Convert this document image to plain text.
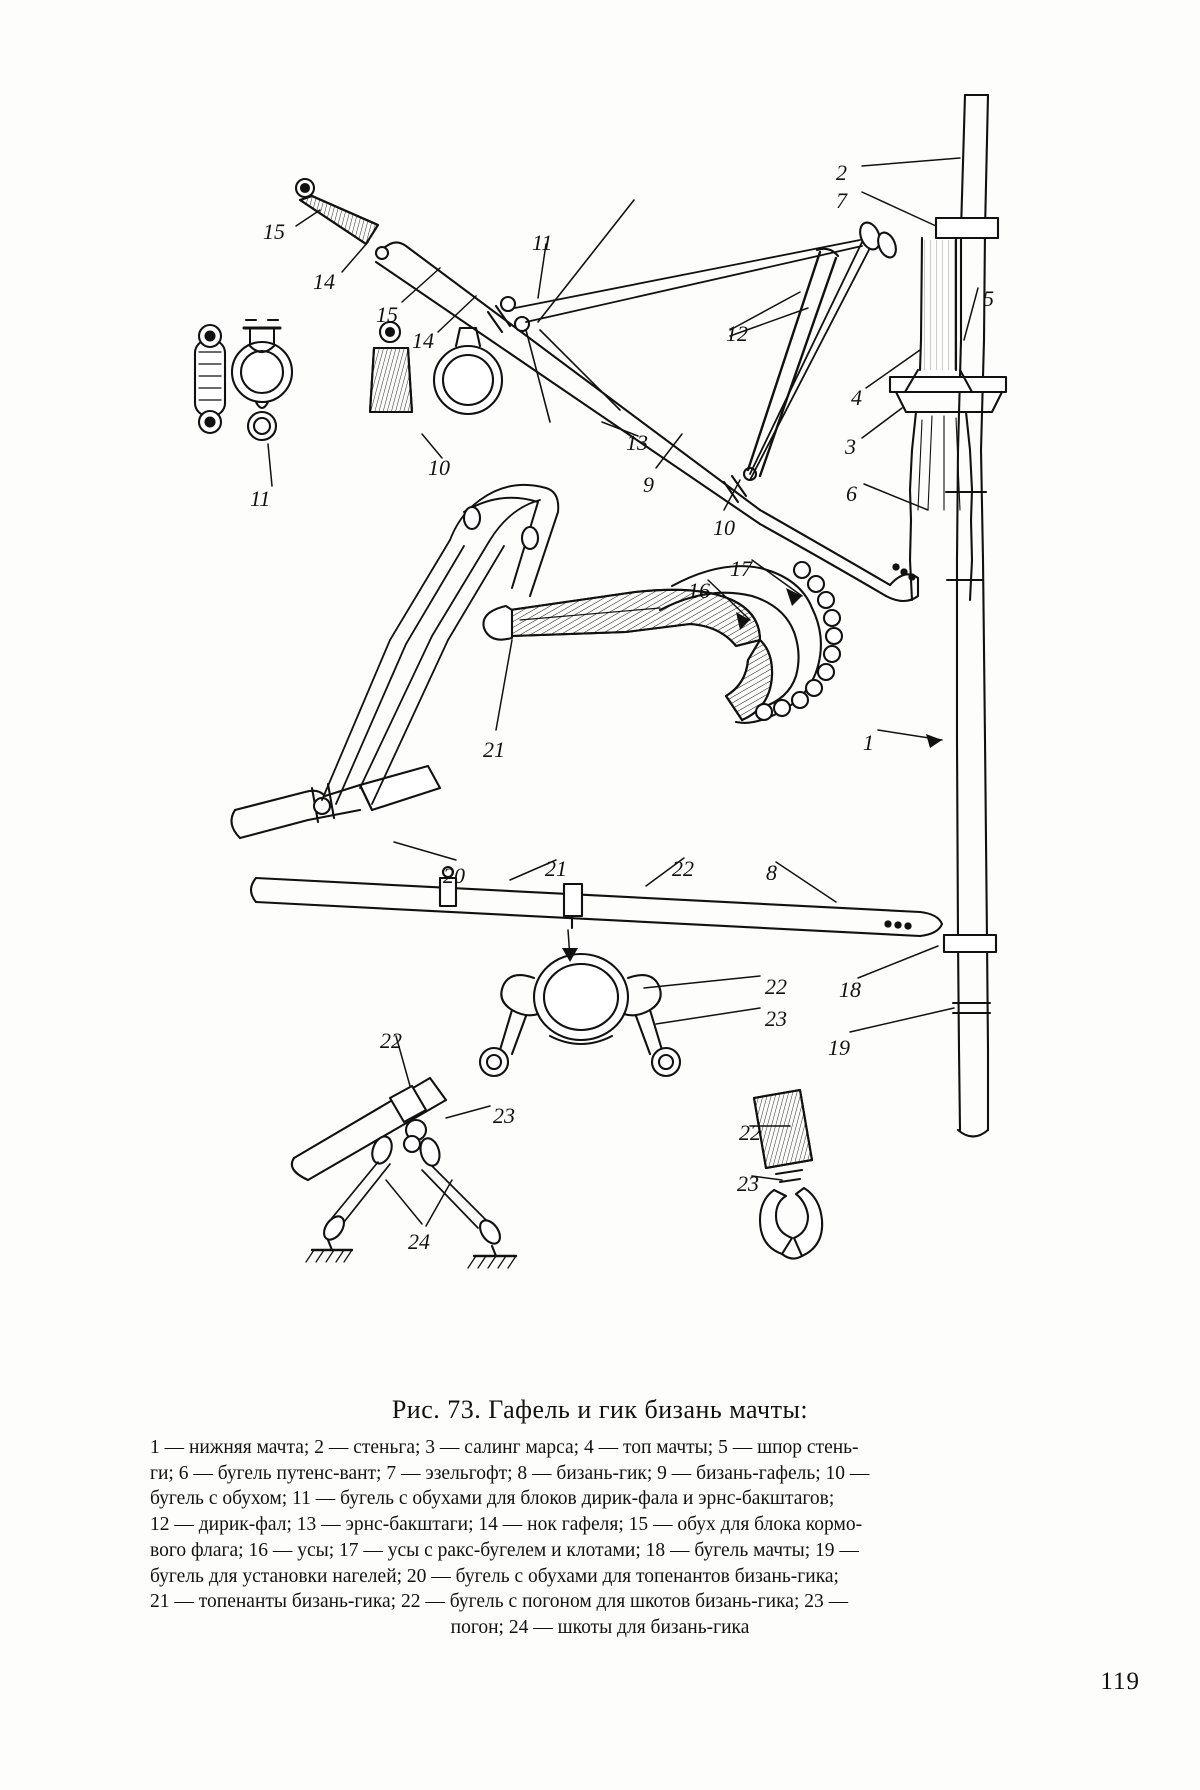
2
7
15
14
11
5
15
12
14
4
10
3
13
9
11	6
10
17
16
21	1
20	21	22	8
22 18
23
19
22
23
22
23
24
Рис. 73. Гафель и гик бизань мачты:
1 — нижняя мачта; 2 — стеньга; 3 — салинг марса; 4 — топ мачты; 5 — шпор стень-
ги; 6 — бугель путенс-вант; 7 — эзельгофт; 8 — бизань-гик; 9 — бизань-гафель; 10 —
бугель с обухом; 11 — бугель с обухами для блоков дирик-фала и эрнс-бакштагов;
12 — дирик-фал; 13 — эрнс-бакштаги; 14 — нок гафеля; 15 — обух для блока кормо-
вого флага; 16 — усы; 17 — усы с ракс-бугелем и клотами; 18 — бугель мачты; 19 —
бугель для установки нагелей; 20 — бугель с обухами для топенантов бизань-гика;
21 — топенанты бизань-гика; 22 — бугель с погоном для шкотов бизань-гика; 23 —
погон; 24 — шкоты для бизань-гика
119
